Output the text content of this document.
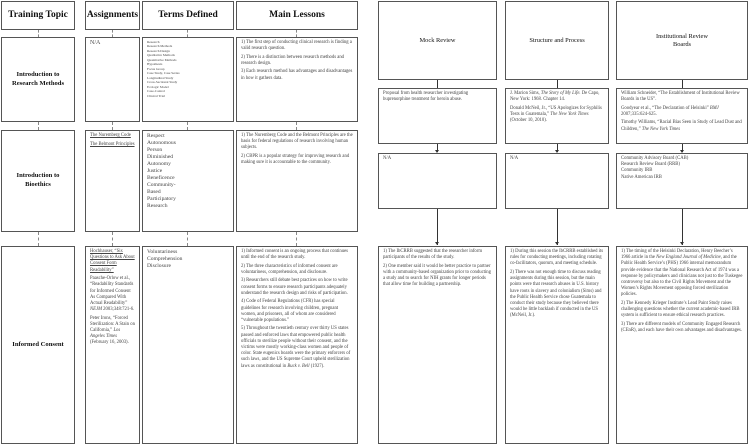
Training Topic Assignments Terms Defined	Main Lessons
Introduction to Research Methods
N/A	Research
Research Methods
Research Design
Qualitative Methods
Quantitative Methods
Hypothesis
Focus Group
Case Study, Case Series
Longitudinal Study
Cross-Sectional Study
Ecologic Model
Case-Control
Clinical Trial

1) The first step of conducting clinical research is finding a valid research question.

2) There is a distinction between research methods and research design.

3) Each research method has advantages and disadvantages in how it gathers data.

Introduction to Bioethics

The Nuremberg Code

The Belmont Principles

Respect
Autonomous
Person
Diminished
Autonomy
Justice
Beneficence
Community-
Based
Participatory
Research

1) The Nuremberg Code and the Belmont Principles are the basis for federal regulations of research involving human subjects.

2) CBPR is a popular strategy for improving research and making sure it is accountable to the community.

Informed Consent

Hochhauser, “Six Questions to Ask About Consent Form Readability”

Paasche-Orlow et al., “Readability Standards for Informed Consent As Compared With Actual Readability” NEJM 2003;348:721-6.

Peter Irons, “Forced Sterilization: A Stain on California,” Los Angeles Times (February 16, 2003).

Voluntariness
Comprehension
Disclosure

1) Informed consent is an ongoing process that continues until the end of the research study.

2) The three characteristics of informed consent are voluntariness, comprehension, and disclosure.

3) Researchers still debate best practices on how to write consent forms to ensure research participants adequately understand the research design and risks of participation.

4) Code of Federal Regulations (CFR) has special guidelines for research involving children, pregnant women, and prisoners, all of whom are considered “vulnerable populations.”

5) Throughout the twentieth century over thirty US states passed and enforced laws that empowered public health officials to sterilize people without their consent, and the victims were mostly working-class women and people of color. State eugenics boards were the primary enforcers of such laws, and the US Supreme Court upheld sterilization laws as constitutional in Buck v. Bell (1927).

Mock Review

Proposal from health researcher investigating buprenorphine treatment for heroin abuse.

N/A

1) The IbCRRB suggested that the researcher inform participants of the results of the study.

2) One member said it would be better practice to partner with a community-based organization prior to conducting a study and to search for NIH grants for longer periods that allow time for building a partnership.

Structure and Process

J. Marion Sims, The Story of My Life. De Capo, New York: 1968. Chapter 14.

Donald McNeil, Jr., “US Apologizes for Syphilis Tests in Guatemala,” The New York Times (October 10, 2010).

N/A

1) During this session the IbCRRB established its rules for conducting meetings, including rotating co-facilitators, quorum, and meeting schedule.

2) There was not enough time to discuss reading assignments during this session, but the main points were that research abuses in U.S. history have roots in slavery and colonialism (Sims) and the Public Health Service chose Guatemala to conduct their study because they believed there would be little backlash if conducted in the US (McNeil, Jr.).

Institutional Review Boards

William Schneider, “The Establishment of Institutional Review Boards in the US”.

Goodyear et al., “The Declaration of Helsinki” BMJ 2007;335:624-625.

Timothy Williams, “Racial Bias Seen in Study of Lead Dust and Children,” The New York Times

Community Advisory Board (CAB)
Research Review Board (RRB)
Community IRB
Native American IRB

1) The timing of the Helsinki Declaration, Henry Beecher’s 1966 article in the New England Journal of Medicine, and the Public Health Service’s (PHS) 1966 internal memorandum provide evidence that the National Research Act of 1974 was a response by policymakers and clinicians not just to the Tuskegee controversy but also to the Civil Rights Movement and the Women’s Rights Movement opposing forced sterilization policies.

2) The Kennedy Krieger Institute’s Lead Paint Study raises challenging questions whether the current academic-based IRB system is sufficient to ensure ethical research practices.

3) There are different models of Community Engaged Research (CEnR), and each have their own advantages and disadvantages.
